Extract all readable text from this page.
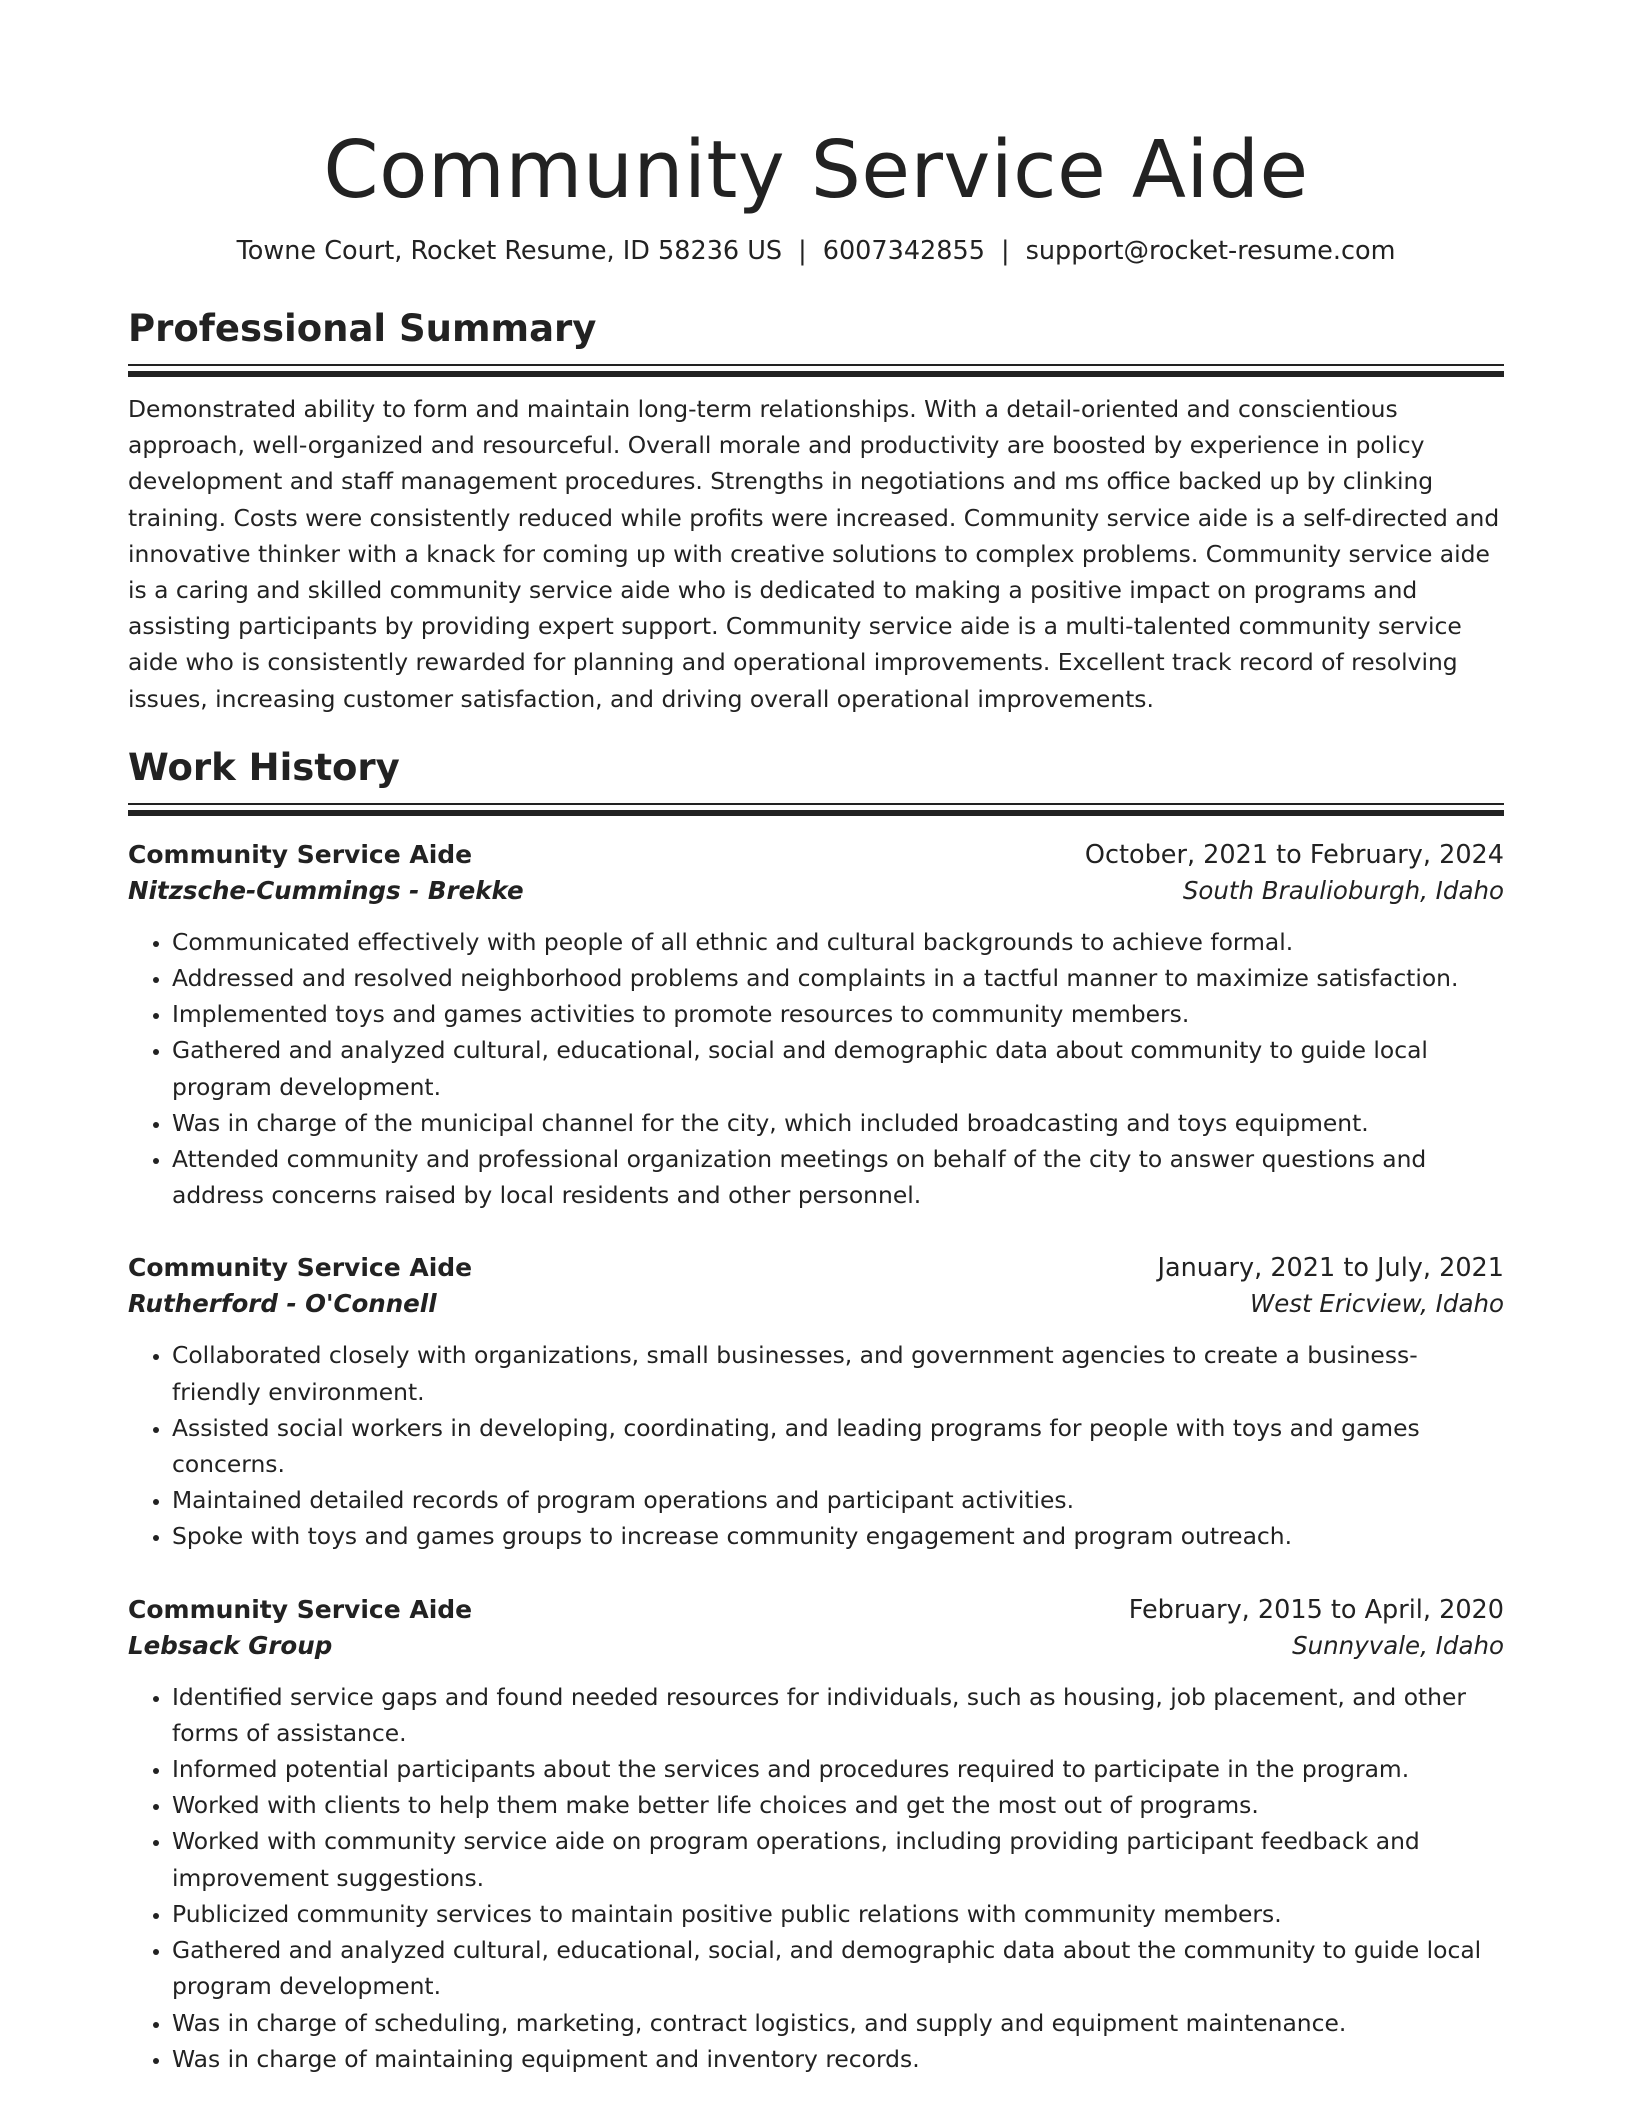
Community Service Aide
Towne Court, Rocket Resume, ID 58236 US | 6007342855 | support@rocket-resume.com
Professional Summary

Demonstrated ability to form and maintain long-term relationships. With a detail-oriented and conscientious approach, well-organized and resourceful. Overall morale and productivity are boosted by experience in policy development and staff management procedures. Strengths in negotiations and ms office backed up by clinking training. Costs were consistently reduced while profits were increased. Community service aide is a self-directed and innovative thinker with a knack for coming up with creative solutions to complex problems. Community service aide is a caring and skilled community service aide who is dedicated to making a positive impact on programs and assisting participants by providing expert support. Community service aide is a multi-talented community service aide who is consistently rewarded for planning and operational improvements. Excellent track record of resolving issues, increasing customer satisfaction, and driving overall operational improvements.

Work History
Community Service Aide	October, 2021 to February, 2024
Nitzsche-Cummings - Brekke	South Braulioburgh, Idaho
• Communicated effectively with people of all ethnic and cultural backgrounds to achieve formal.
• Addressed and resolved neighborhood problems and complaints in a tactful manner to maximize satisfaction.
• Implemented toys and games activities to promote resources to community members.
• Gathered and analyzed cultural, educational, social and demographic data about community to guide local program development.
• Was in charge of the municipal channel for the city, which included broadcasting and toys equipment.
• Attended community and professional organization meetings on behalf of the city to answer questions and address concerns raised by local residents and other personnel.
Community Service Aide	January, 2021 to July, 2021
Rutherford - O'Connell	West Ericview, Idaho
• Collaborated closely with organizations, small businesses, and government agencies to create a business-friendly environment.
• Assisted social workers in developing, coordinating, and leading programs for people with toys and games concerns.
• Maintained detailed records of program operations and participant activities.
• Spoke with toys and games groups to increase community engagement and program outreach.
Community Service Aide	February, 2015 to April, 2020
Lebsack Group	Sunnyvale, Idaho
• Identified service gaps and found needed resources for individuals, such as housing, job placement, and other forms of assistance.
• Informed potential participants about the services and procedures required to participate in the program.
• Worked with clients to help them make better life choices and get the most out of programs.
• Worked with community service aide on program operations, including providing participant feedback and improvement suggestions.
• Publicized community services to maintain positive public relations with community members.
• Gathered and analyzed cultural, educational, social, and demographic data about the community to guide local program development.
• Was in charge of scheduling, marketing, contract logistics, and supply and equipment maintenance.
• Was in charge of maintaining equipment and inventory records.
